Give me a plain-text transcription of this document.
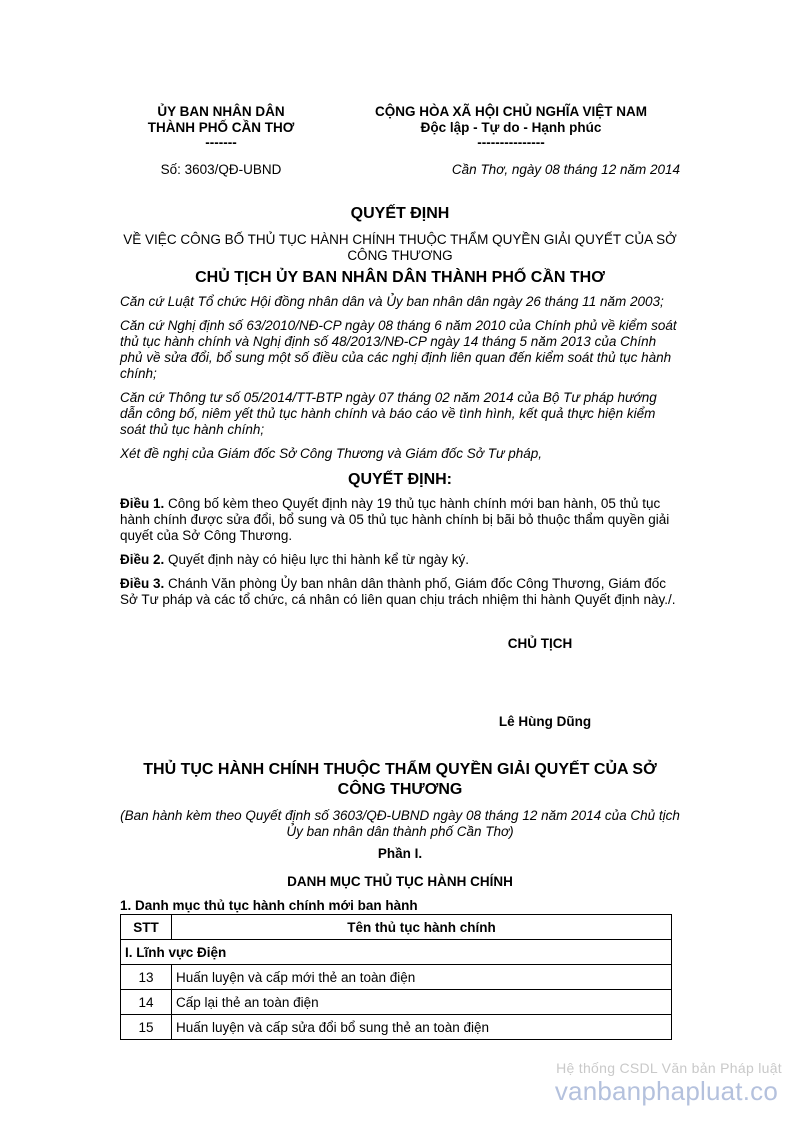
ỦY BAN NHÂN DÂN
THÀNH PHỐ CẦN THƠ
-------
Số: 3603/QĐ-UBND
CỘNG HÒA XÃ HỘI CHỦ NGHĨA VIỆT NAM
Độc lập - Tự do - Hạnh phúc
---------------
Cần Thơ, ngày 08 tháng 12 năm 2014

QUYẾT ĐỊNH

VỀ VIỆC CÔNG BỐ THỦ TỤC HÀNH CHÍNH THUỘC THẨM QUYỀN GIẢI QUYẾT CỦA SỞ CÔNG THƯƠNG

CHỦ TỊCH ỦY BAN NHÂN DÂN THÀNH PHỐ CẦN THƠ

Căn cứ Luật Tổ chức Hội đồng nhân dân và Ủy ban nhân dân ngày 26 tháng 11 năm 2003;

Căn cứ Nghị định số 63/2010/NĐ-CP ngày 08 tháng 6 năm 2010 của Chính phủ về kiểm soát thủ tục hành chính và Nghị định số 48/2013/NĐ-CP ngày 14 tháng 5 năm 2013 của Chính phủ về sửa đổi, bổ sung một số điều của các nghị định liên quan đến kiểm soát thủ tục hành chính;

Căn cứ Thông tư số 05/2014/TT-BTP ngày 07 tháng 02 năm 2014 của Bộ Tư pháp hướng dẫn công bố, niêm yết thủ tục hành chính và báo cáo về tình hình, kết quả thực hiện kiểm soát thủ tục hành chính;

Xét đề nghị của Giám đốc Sở Công Thương và Giám đốc Sở Tư pháp,

QUYẾT ĐỊNH:

Điều 1. Công bố kèm theo Quyết định này 19 thủ tục hành chính mới ban hành, 05 thủ tục hành chính được sửa đổi, bổ sung và 05 thủ tục hành chính bị bãi bỏ thuộc thẩm quyền giải quyết của Sở Công Thương.

Điều 2. Quyết định này có hiệu lực thi hành kể từ ngày ký.

Điều 3. Chánh Văn phòng Ủy ban nhân dân thành phố, Giám đốc Công Thương, Giám đốc Sở Tư pháp và các tổ chức, cá nhân có liên quan chịu trách nhiệm thi hành Quyết định này./.

CHỦ TỊCH
Lê Hùng Dũng

THỦ TỤC HÀNH CHÍNH THUỘC THẨM QUYỀN GIẢI QUYẾT CỦA SỞ CÔNG THƯƠNG

(Ban hành kèm theo Quyết định số 3603/QĐ-UBND ngày 08 tháng 12 năm 2014 của Chủ tịch Ủy ban nhân dân thành phố Cần Thơ)

Phần I.

DANH MỤC THỦ TỤC HÀNH CHÍNH

1. Danh mục thủ tục hành chính mới ban hành

STT	Tên thủ tục hành chính
I. Lĩnh vực Điện	
13	Huấn luyện và cấp mới thẻ an toàn điện
14	Cấp lại thẻ an toàn điện
15	Huấn luyện và cấp sửa đổi bổ sung thẻ an toàn điện
Hệ thống CSDL Văn bản Pháp luật
vanbanphapluat.co
